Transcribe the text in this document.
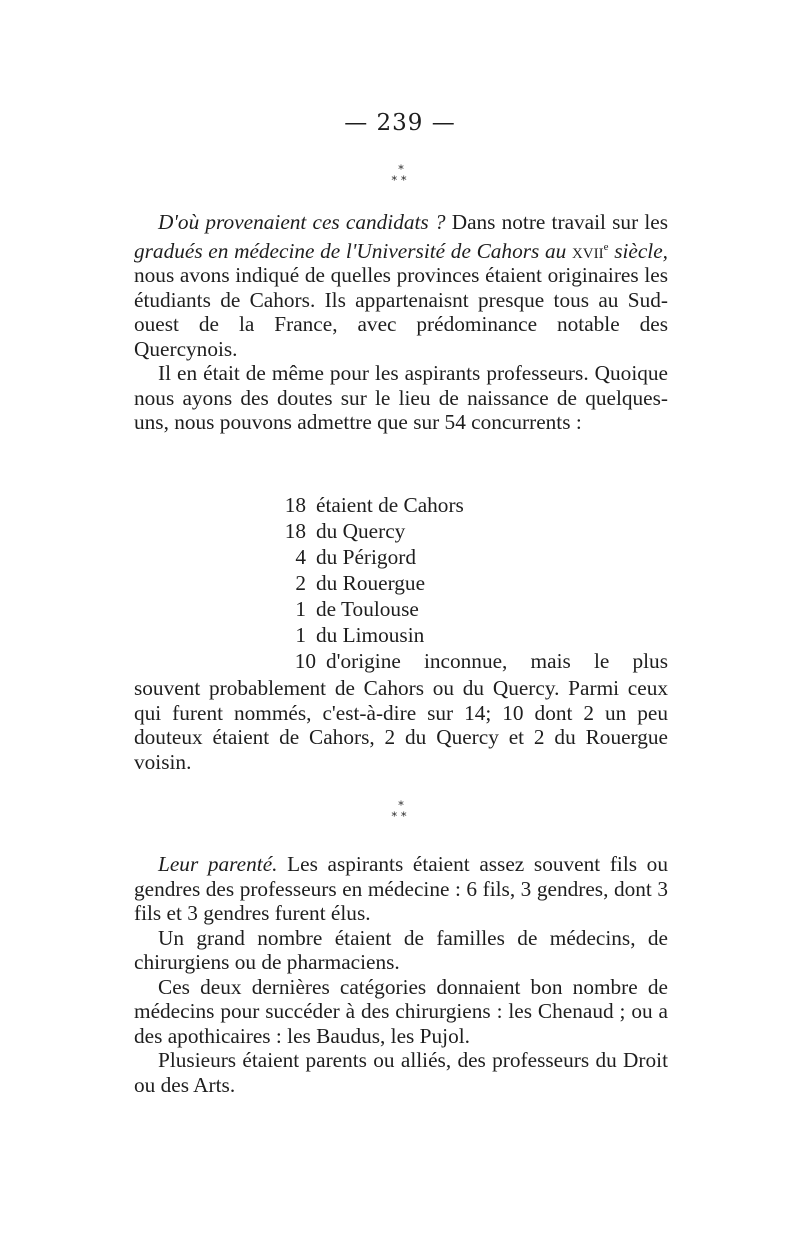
— 239 —
*
**

D'où provenaient ces candidats ? Dans notre travail sur les gradués en médecine de l'Université de Cahors au xvii$^e$ siècle, nous avons indiqué de quelles provinces étaient originaires les étudiants de Cahors. Ils appartenaisnt presque tous au Sud-ouest de la France, avec prédominance notable des Quercynois.

Il en était de même pour les aspirants professeurs. Quoique nous ayons des doutes sur le lieu de naissance de quelques-uns, nous pouvons admettre que sur 54 concurrents :

18 étaient de Cahors
18 du Quercy
4 du Périgord
2 du Rouergue
1 de Toulouse
1 du Limousin
10 d'origine inconnue, mais le plus

souvent probablement de Cahors ou du Quercy. Parmi ceux qui furent nommés, c'est-à-dire sur 14; 10 dont 2 un peu douteux étaient de Cahors, 2 du Quercy et 2 du Rouergue voisin.

*
**

Leur parenté. Les aspirants étaient assez souvent fils ou gendres des professeurs en médecine : 6 fils, 3 gendres, dont 3 fils et 3 gendres furent élus.

Un grand nombre étaient de familles de médecins, de chirurgiens ou de pharmaciens.

Ces deux dernières catégories donnaient bon nombre de médecins pour succéder à des chirurgiens : les Chenaud ; ou a des apothicaires : les Baudus, les Pujol.

Plusieurs étaient parents ou alliés, des professeurs du Droit ou des Arts.
